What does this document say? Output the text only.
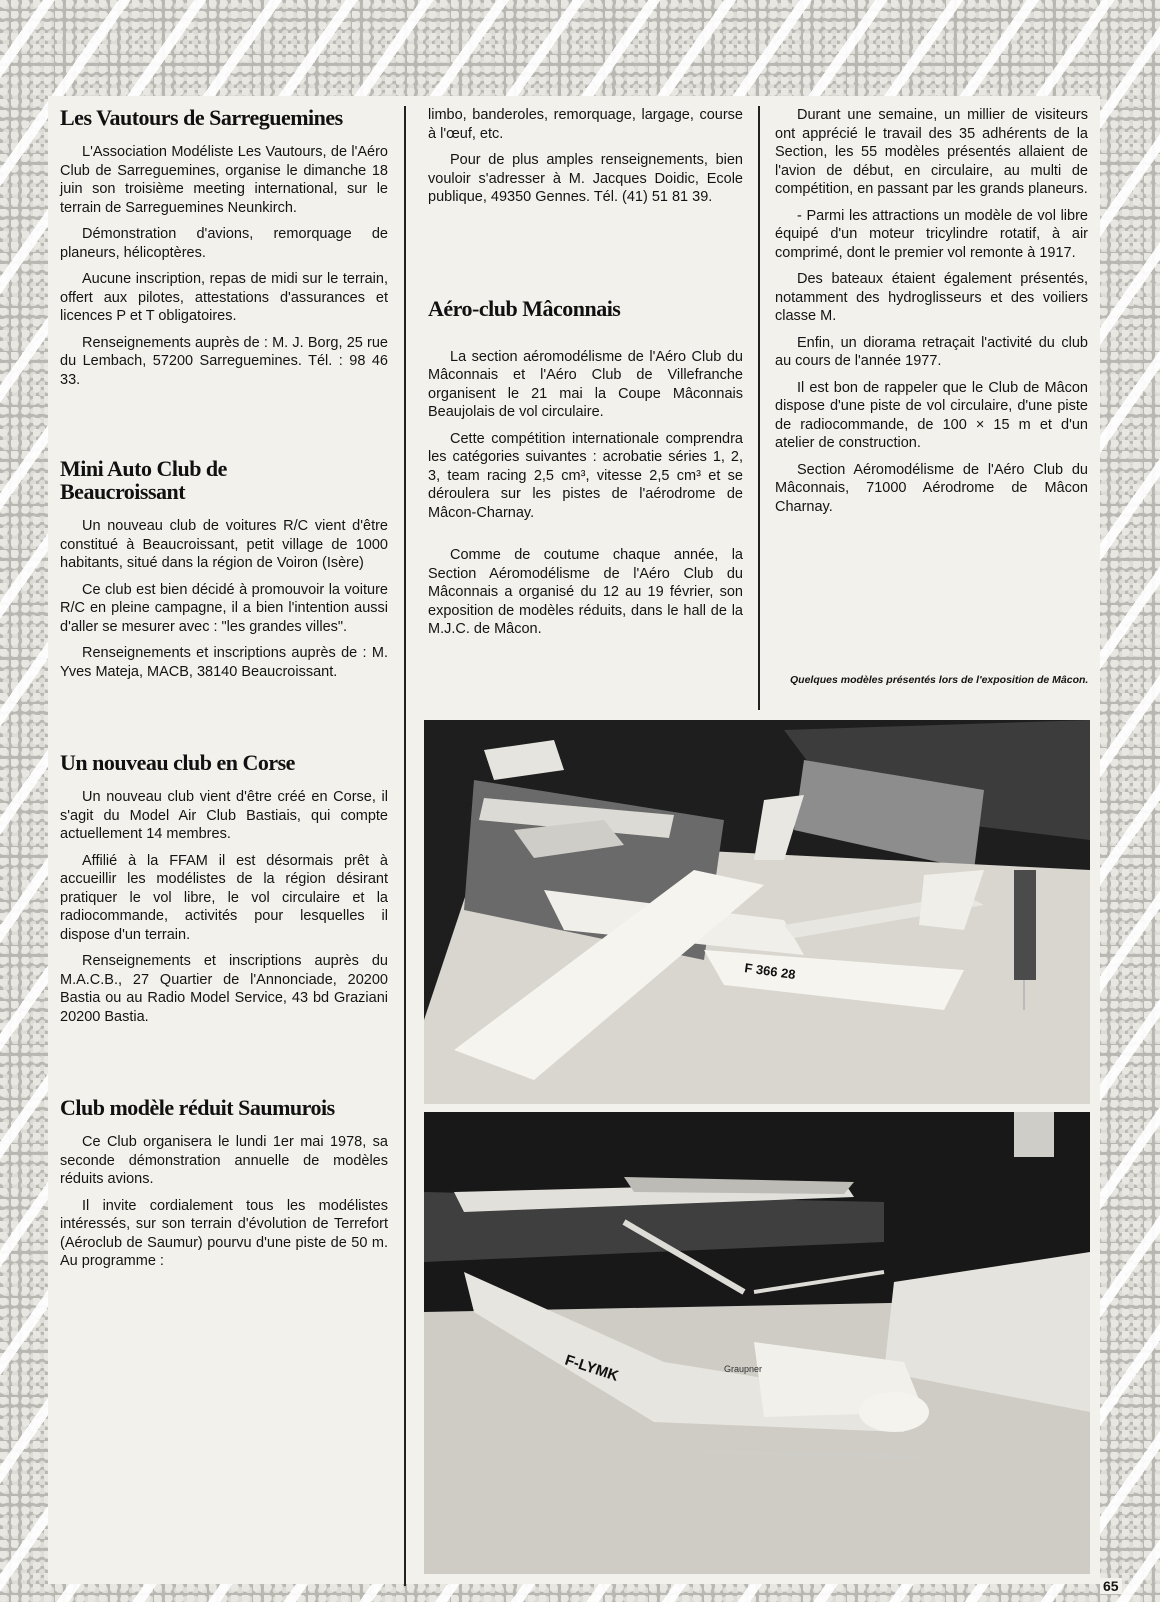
Les Vautours de Sarreguemines

L'Association Modéliste Les Vautours, de l'Aéro Club de Sarreguemines, organise le dimanche 18 juin son troisième meeting international, sur le terrain de Sarreguemines Neunkirch.

Démonstration d'avions, remorquage de planeurs, hélicoptères.

Aucune inscription, repas de midi sur le terrain, offert aux pilotes, attestations d'assurances et licences P et T obligatoires.

Renseignements auprès de : M. J. Borg, 25 rue du Lembach, 57200 Sarreguemines. Tél. : 98 46 33.

Mini Auto Club de Beaucroissant

Un nouveau club de voitures R/C vient d'être constitué à Beaucroissant, petit village de 1000 habitants, situé dans la région de Voiron (Isère)

Ce club est bien décidé à promouvoir la voiture R/C en pleine campagne, il a bien l'intention aussi d'aller se mesurer avec : "les grandes villes".

Renseignements et inscriptions auprès de : M. Yves Mateja, MACB, 38140 Beaucroissant.

Un nouveau club en Corse

Un nouveau club vient d'être créé en Corse, il s'agit du Model Air Club Bastiais, qui compte actuellement 14 membres.

Affilié à la FFAM il est désormais prêt à accueillir les modélistes de la région désirant pratiquer le vol libre, le vol circulaire et la radiocommande, activités pour lesquelles il dispose d'un terrain.

Renseignements et inscriptions auprès du M.A.C.B., 27 Quartier de l'Annonciade, 20200 Bastia ou au Radio Model Service, 43 bd Graziani 20200 Bastia.

Club modèle réduit Saumurois

Ce Club organisera le lundi 1er mai 1978, sa seconde démonstration annuelle de modèles réduits avions.

Il invite cordialement tous les modélistes intéressés, sur son terrain d'évolution de Terrefort (Aéroclub de Saumur) pourvu d'une piste de 50 m. Au programme :

limbo, banderoles, remorquage, largage, course à l'œuf, etc.

Pour de plus amples renseignements, bien vouloir s'adresser à M. Jacques Doidic, Ecole publique, 49350 Gennes. Tél. (41) 51 81 39.

Aéro-club Mâconnais

La section aéromodélisme de l'Aéro Club du Mâconnais et l'Aéro Club de Villefranche organisent le 21 mai la Coupe Mâconnais Beaujolais de vol circulaire.

Cette compétition internationale comprendra les catégories suivantes : acrobatie séries 1, 2, 3, team racing 2,5 cm³, vitesse 2,5 cm³ et se déroulera sur les pistes de l'aérodrome de Mâcon-Charnay.

Comme de coutume chaque année, la Section Aéromodélisme de l'Aéro Club du Mâconnais a organisé du 12 au 19 février, son exposition de modèles réduits, dans le hall de la M.J.C. de Mâcon.

Durant une semaine, un millier de visiteurs ont apprécié le travail des 35 adhérents de la Section, les 55 modèles présentés allaient de l'avion de début, en circulaire, au multi de compétition, en passant par les grands planeurs.

- Parmi les attractions un modèle de vol libre équipé d'un moteur tricylindre rotatif, à air comprimé, dont le premier vol remonte à 1917.

Des bateaux étaient également présentés, notamment des hydroglisseurs et des voiliers classe M.

Enfin, un diorama retraçait l'activité du club au cours de l'année 1977.

Il est bon de rappeler que le Club de Mâcon dispose d'une piste de vol circulaire, d'une piste de radiocommande, de 100 × 15 m et d'un atelier de construction.

Section Aéromodélisme de l'Aéro Club du Mâconnais, 71000 Aérodrome de Mâcon Charnay.

Quelques modèles présentés lors de l'exposition de Mâcon.
F 366 28
F-LYMK	Graupner
65
